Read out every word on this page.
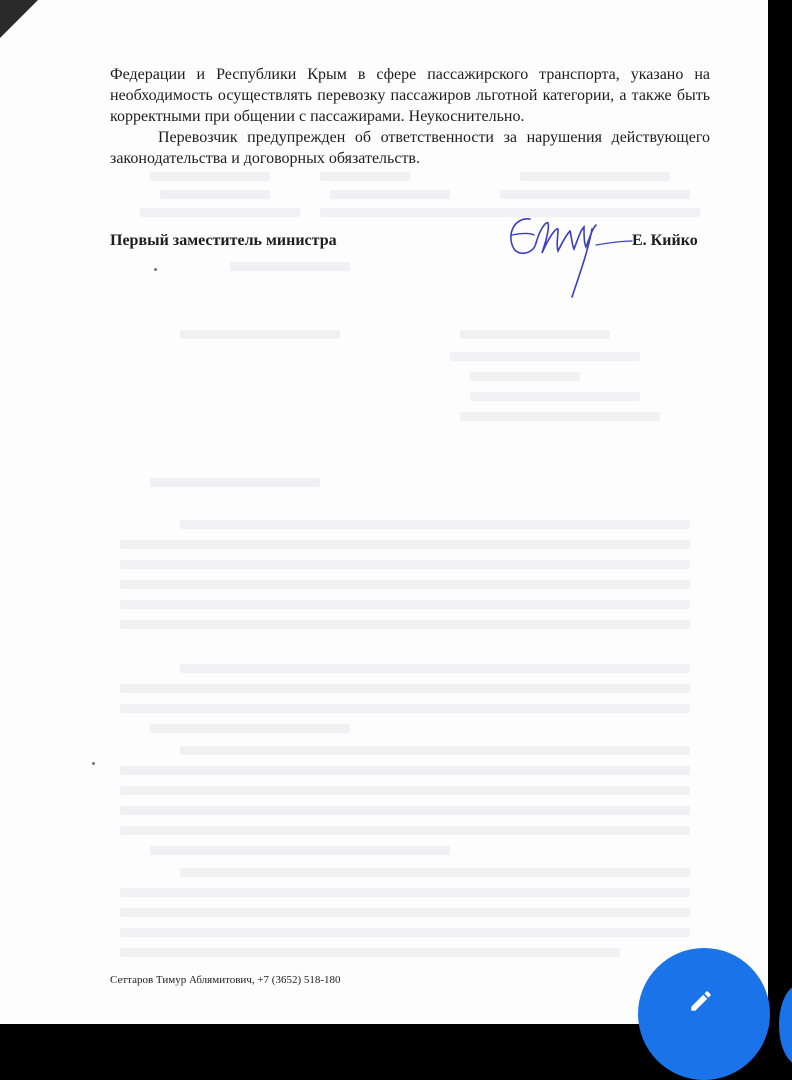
Федерации и Республики Крым в сфере пассажирского транспорта, указано на необходимость осуществлять перевозку пассажиров льготной категории, а также быть корректными при общении с пассажирами. Неукоснительно.

Перевозчик предупрежден об ответственности за нарушения действующего законодательства и договорных обязательств.

Первый заместитель министра	Е. Кийко
Сеттаров Тимур Аблямитович, +7 (3652) 518-180
